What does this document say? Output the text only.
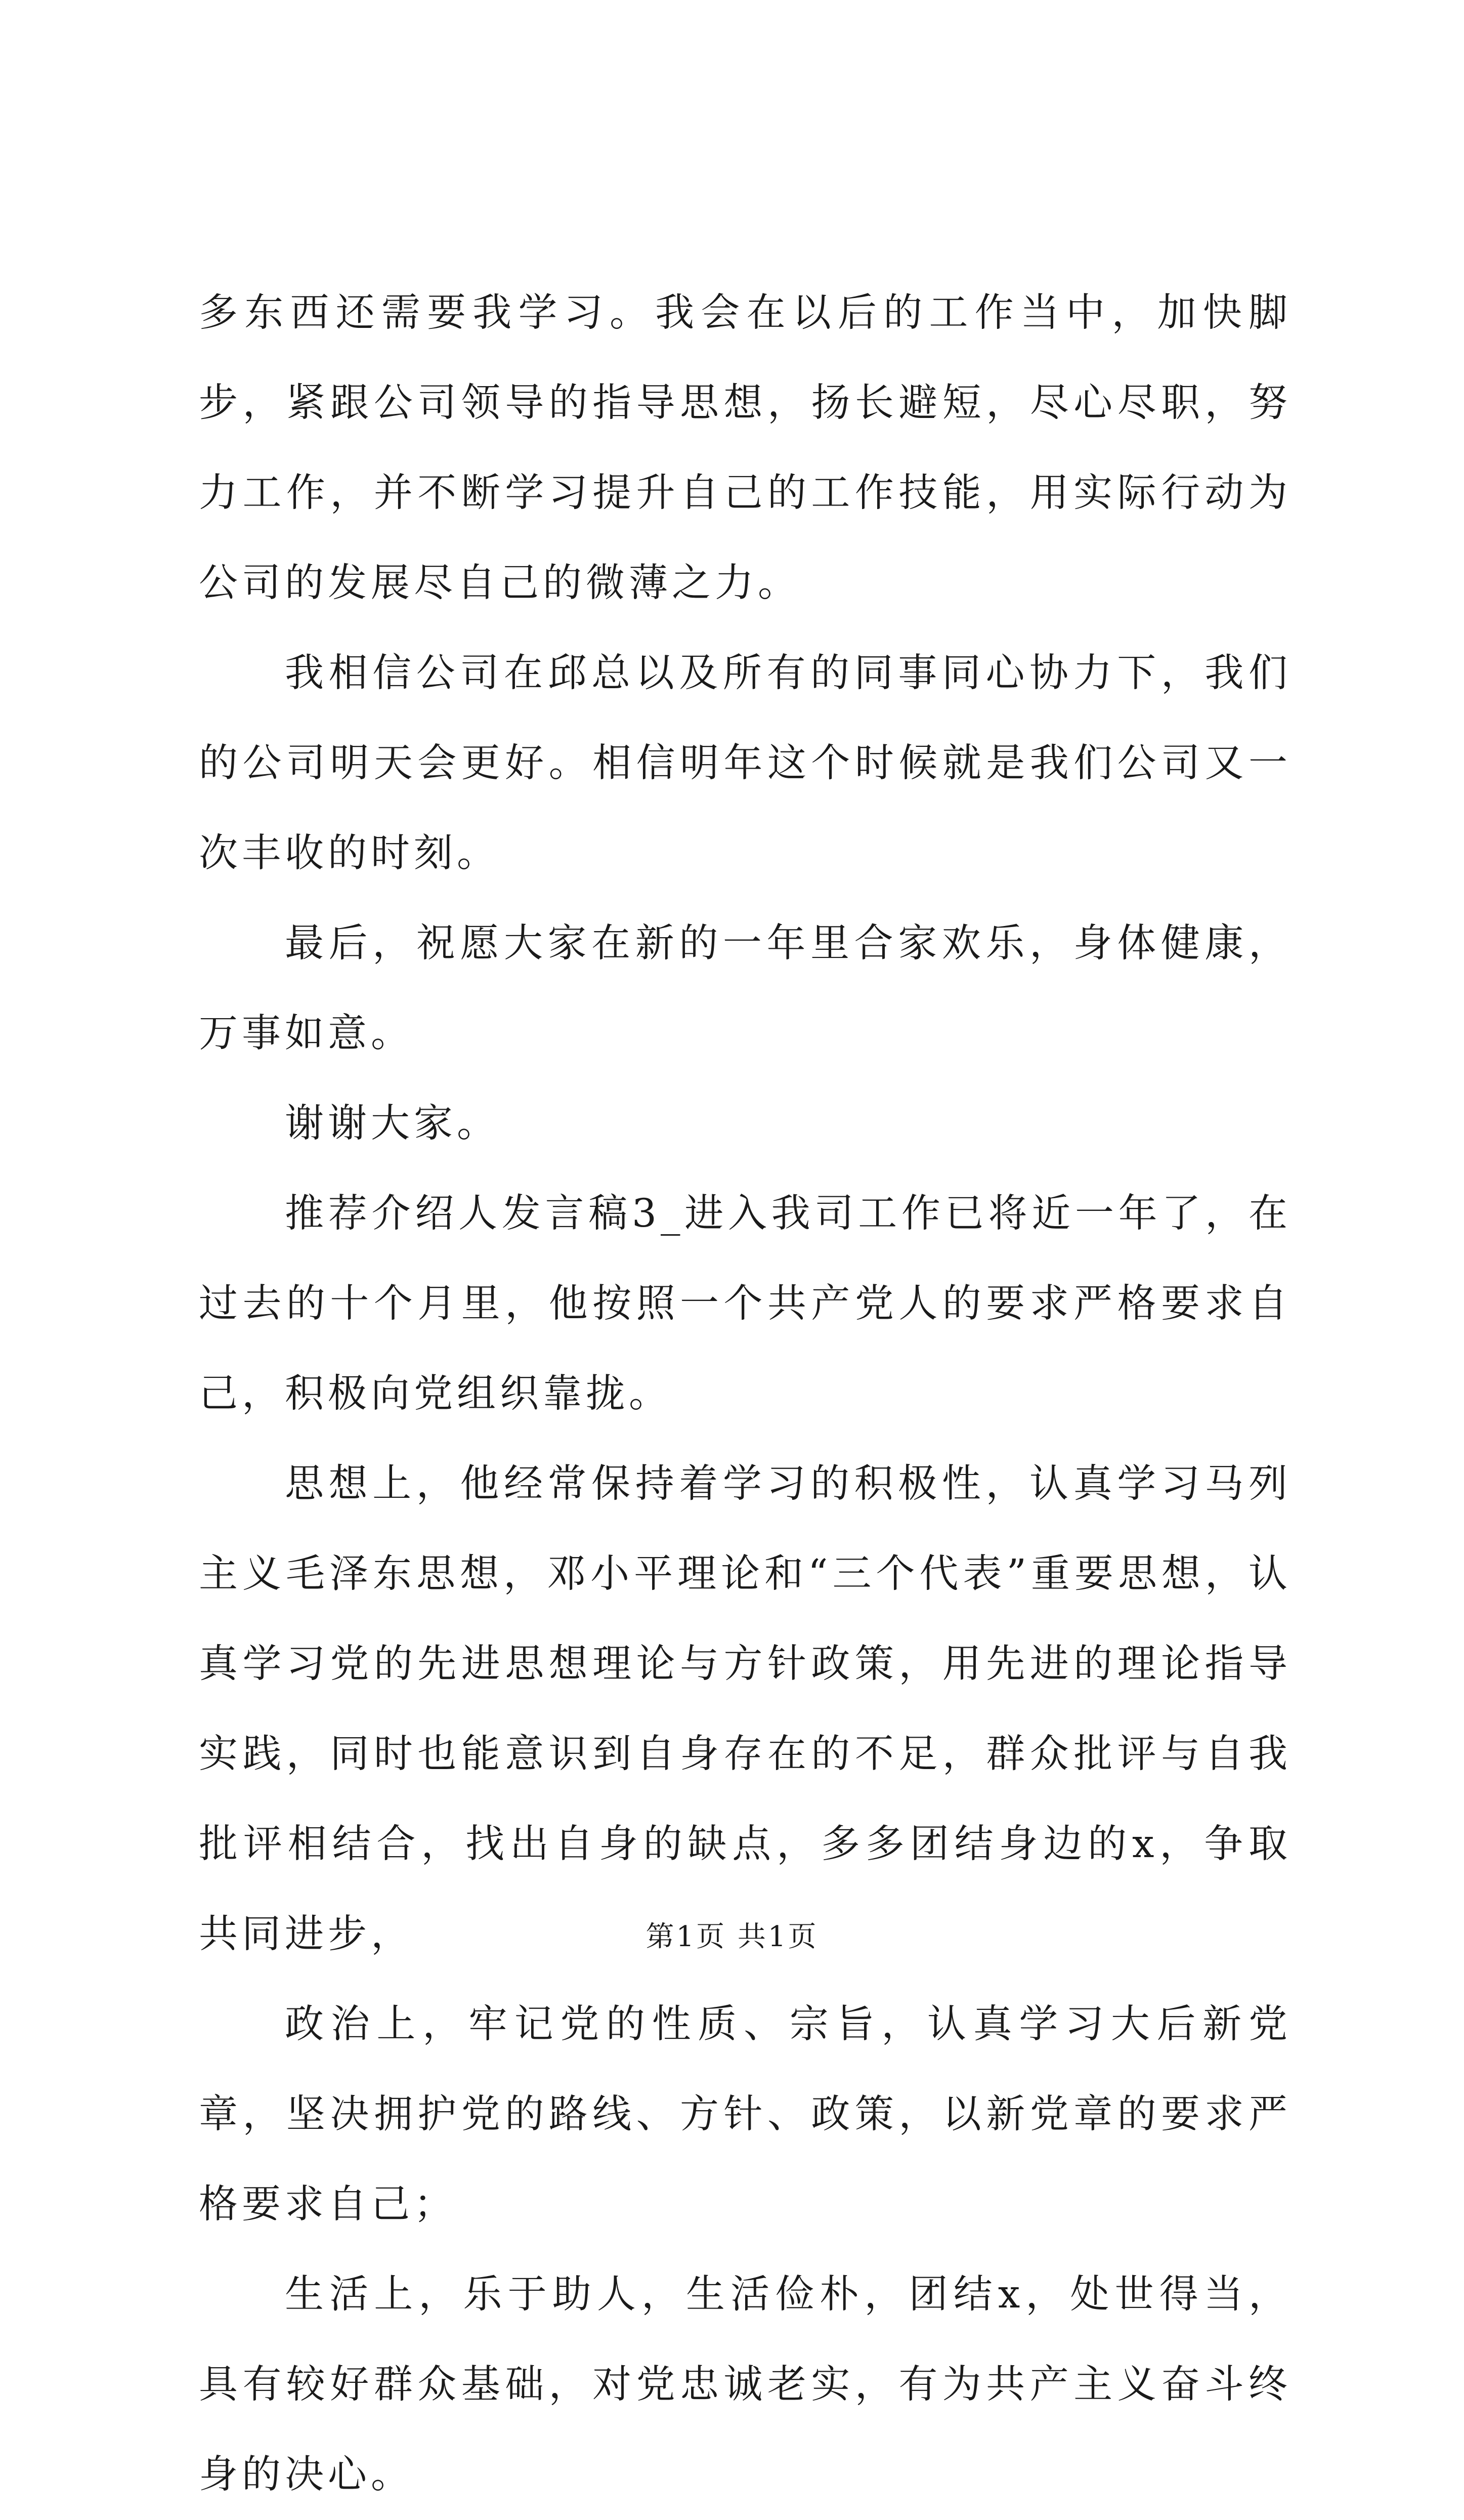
多东西还需要我学习。我会在以后的工作当中，加快脚步，紧跟公司领导的指导思想，扬长避短，尽心尽职，努力工作，并不断学习提升自己的工作技能，用实际行动为公司的发展尽自己的微薄之力。

我相信公司在邱总以及所有的同事同心协力下，我们的公司明天会更好。相信明年这个时候就是我们公司又一次丰收的时刻。

最后，祝愿大家在新的一年里合家欢乐，身体健康，万事如意。

谢谢大家。

推荐介绍人发言稿3_进入我司工作已将近一年了，在过去的十个月里，他按照一个共产党人的要求严格要求自己，积极向党组织靠拢。

思想上，他经常保持着学习的积极性，认真学习马列主义毛泽东思想，邓小平理论和“三个代表”重要思想，认真学习党的先进思想理论与方针政策，用先进的理论指导实践，同时也能意识到自身存在的不足，群众批评与自我批评相结合，找出自身的缺点，多多团结身边的x，争取共同进步，

政治上，牢记党的性质、宗旨，认真学习大后新党章，坚决拥护党的路线、方针、政策，以新党章的要求严格要求自己；

生活上，乐于助人，生活俭朴，团结x，处世得当，具有较好群众基础，对党忠诚老实，有为共产主义奋斗终身的决心。

第1页 共1页
